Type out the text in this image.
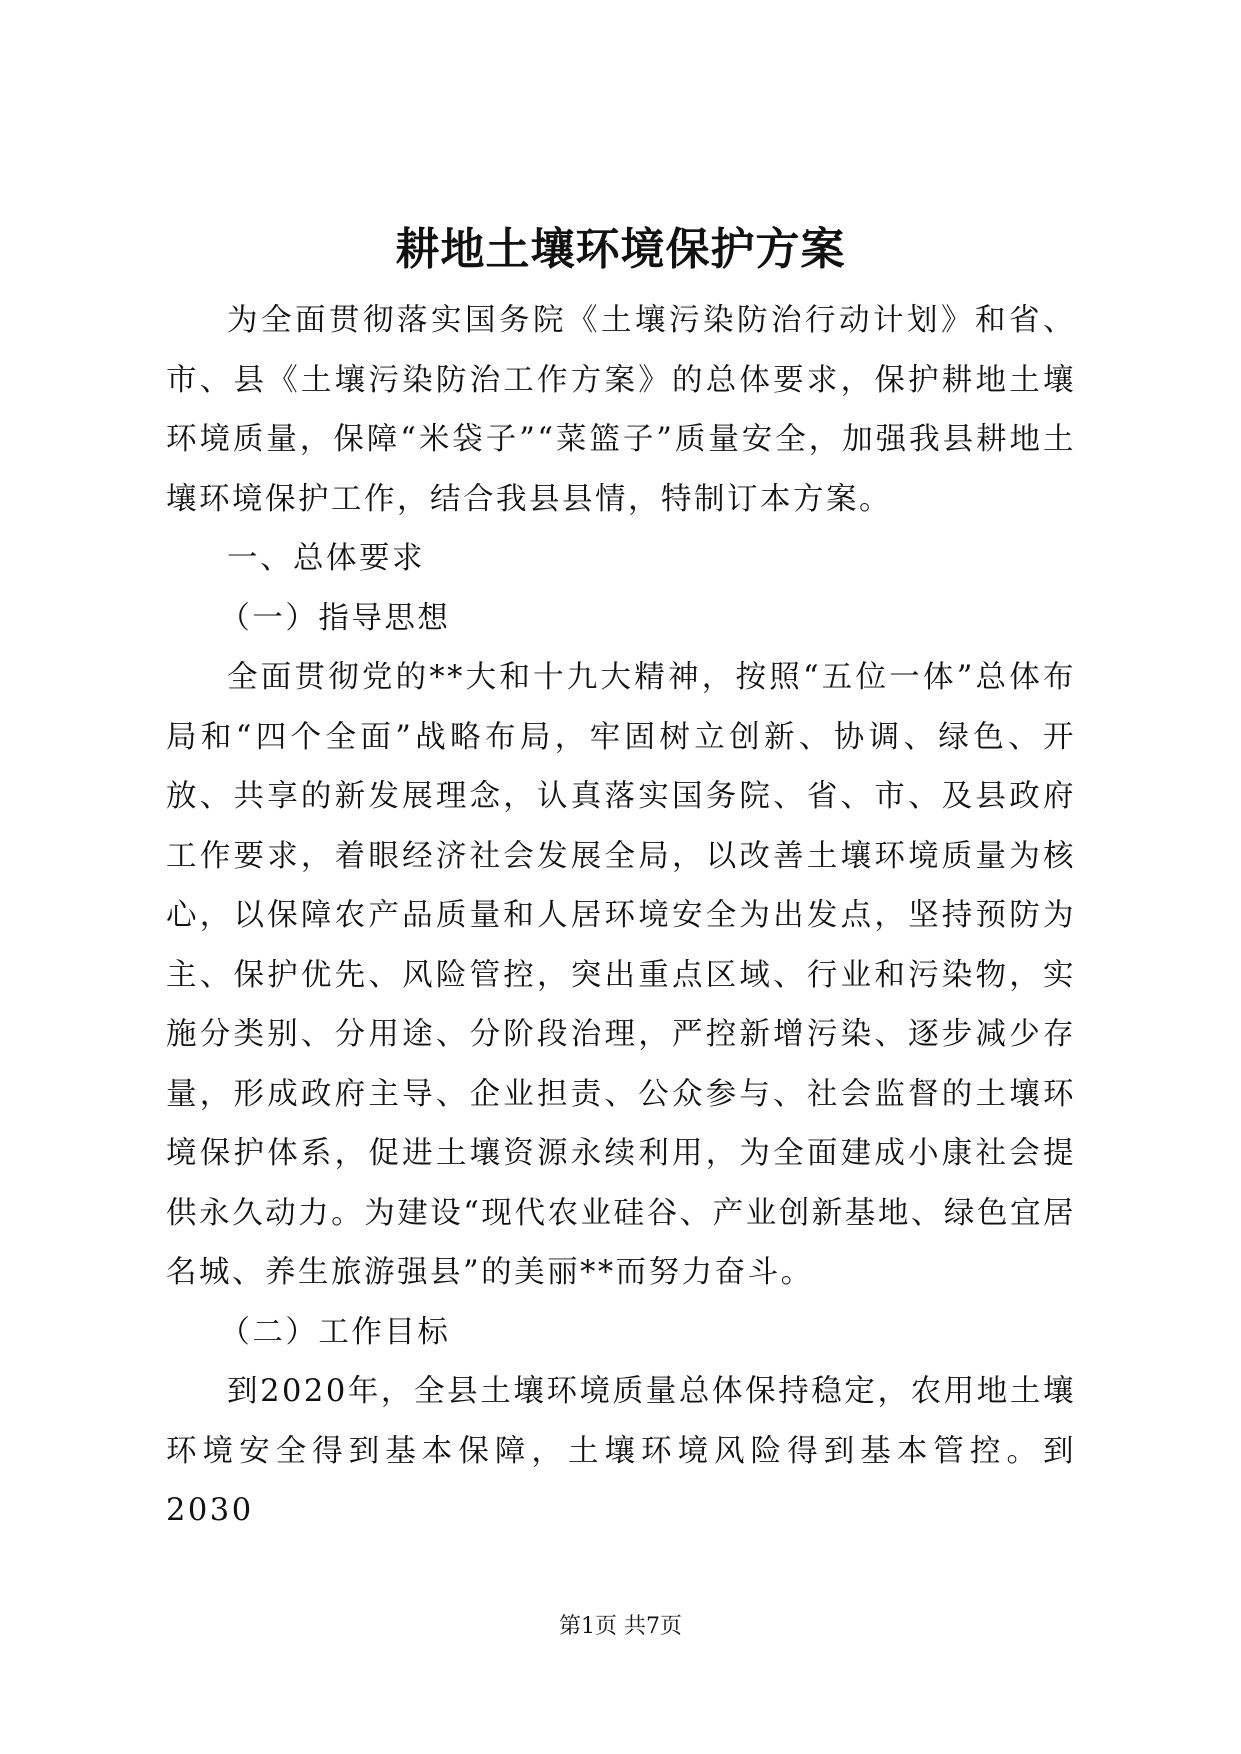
耕地土壤环境保护方案

为全面贯彻落实国务院《土壤污染防治行动计划》和省、市、县《土壤污染防治工作方案》的总体要求，保护耕地土壤环境质量，保障“米袋子”“菜篮子”质量安全，加强我县耕地土壤环境保护工作，结合我县县情，特制订本方案。

一、总体要求

（一）指导思想

全面贯彻党的**大和十九大精神，按照“五位一体”总体布局和“四个全面”战略布局，牢固树立创新、协调、绿色、开放、共享的新发展理念，认真落实国务院、省、市、及县政府工作要求，着眼经济社会发展全局，以改善土壤环境质量为核心，以保障农产品质量和人居环境安全为出发点，坚持预防为主、保护优先、风险管控，突出重点区域、行业和污染物，实施分类别、分用途、分阶段治理，严控新增污染、逐步减少存量，形成政府主导、企业担责、公众参与、社会监督的土壤环境保护体系，促进土壤资源永续利用，为全面建成小康社会提供永久动力。为建设“现代农业硅谷、产业创新基地、绿色宜居名城、养生旅游强县”的美丽**而努力奋斗。

（二）工作目标

到2020年，全县土壤环境质量总体保持稳定，农用地土壤环境安全得到基本保障，土壤环境风险得到基本管控。到2030

第1页 共7页
